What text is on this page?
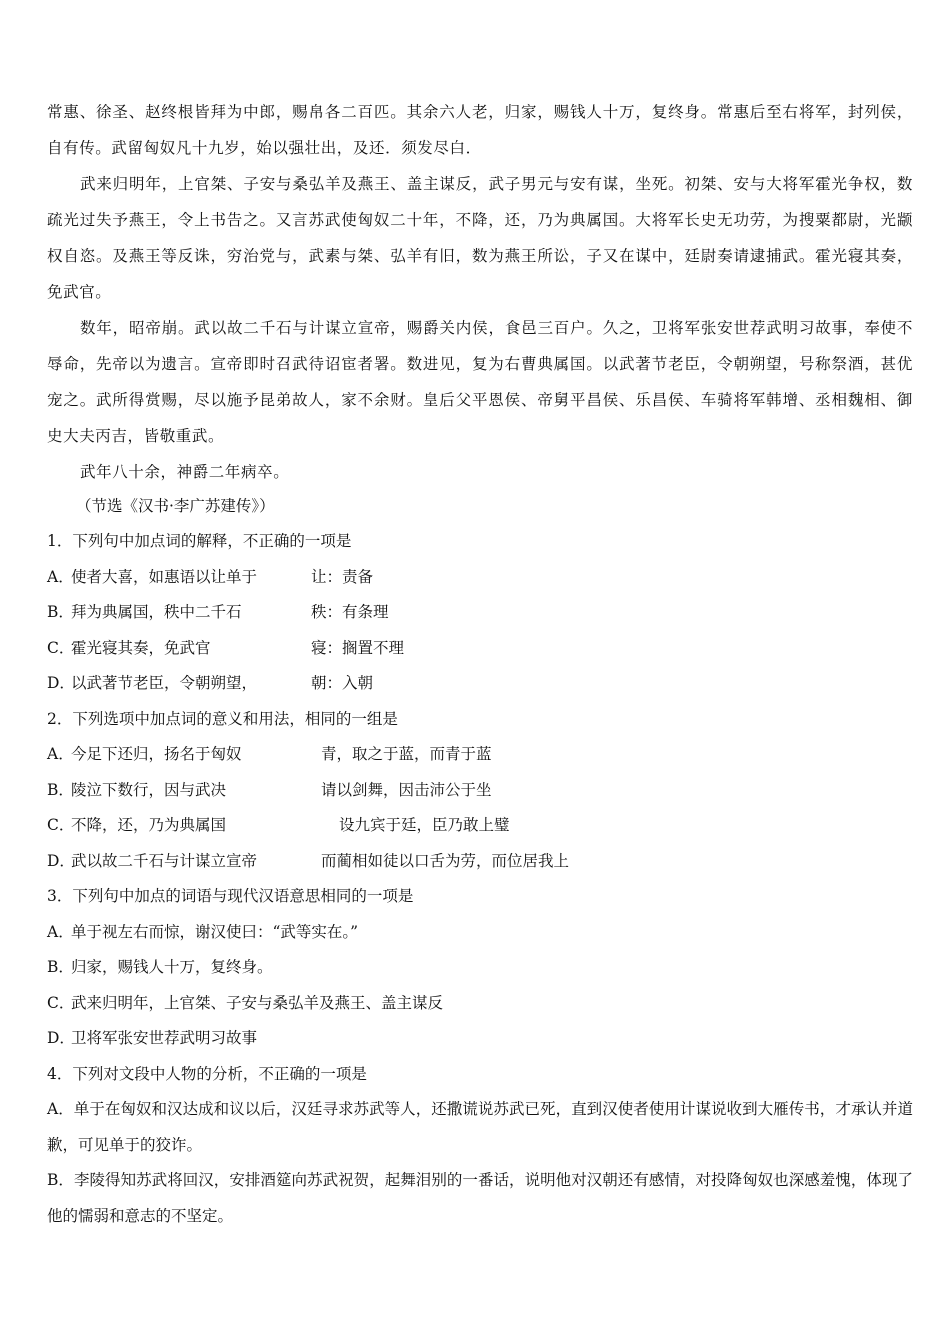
常惠、徐圣、赵终根皆拜为中郎，赐帛各二百匹。其余六人老，归家，赐钱人十万，复终身。常惠后至右将军，封列侯，自有传。武留匈奴凡十九岁，始以强壮出，及还．须发尽白．

武来归明年，上官桀、子安与桑弘羊及燕王、盖主谋反，武子男元与安有谋，坐死。初桀、安与大将军霍光争权，数疏光过失予燕王，令上书告之。又言苏武使匈奴二十年，不降，还，乃为典属国。大将军长史无功劳，为搜粟都尉，光颛权自恣。及燕王等反诛，穷治党与，武素与桀、弘羊有旧，数为燕王所讼，子又在谋中，廷尉奏请逮捕武。霍光寝其奏，免武官。

数年，昭帝崩。武以故二千石与计谋立宣帝，赐爵关内侯，食邑三百户。久之，卫将军张安世荐武明习故事，奉使不辱命，先帝以为遗言。宣帝即时召武待诏宦者署。数进见，复为右曹典属国。以武著节老臣，令朝朔望，号称祭酒，甚优宠之。武所得赏赐，尽以施予昆弟故人，家不余财。皇后父平恩侯、帝舅平昌侯、乐昌侯、车骑将军韩增、丞相魏相、御史大夫丙吉，皆敬重武。

武年八十余，神爵二年病卒。

（节选《汉书·李广苏建传》）
1．下列句中加点词的解释，不正确的一项是
A．使者大喜，如惠语以让单于	让：责备
B．拜为典属国，秩中二千石	秩：有条理
C．霍光寝其奏，免武官	寝：搁置不理
D．以武著节老臣，令朝朔望，	朝：入朝
2．下列选项中加点词的意义和用法，相同的一组是
A．今足下还归，扬名于匈奴	青，取之于蓝，而青于蓝
B．陵泣下数行，因与武决	请以剑舞，因击沛公于坐
C．不降，还，乃为典属国	设九宾于廷，臣乃敢上璧
D．武以故二千石与计谋立宣帝	而蔺相如徒以口舌为劳，而位居我上
3．下列句中加点的词语与现代汉语意思相同的一项是
A．单于视左右而惊，谢汉使曰：“武等实在。”
B．归家，赐钱人十万，复终身。
C．武来归明年，上官桀、子安与桑弘羊及燕王、盖主谋反
D．卫将军张安世荐武明习故事
4．下列对文段中人物的分析，不正确的一项是
A．单于在匈奴和汉达成和议以后，汉廷寻求苏武等人，还撒谎说苏武已死，直到汉使者使用计谋说收到大雁传书，才承认并道歉，可见单于的狡诈。
B．李陵得知苏武将回汉，安排酒筵向苏武祝贺，起舞泪别的一番话，说明他对汉朝还有感情，对投降匈奴也深感羞愧，体现了他的懦弱和意志的不坚定。
